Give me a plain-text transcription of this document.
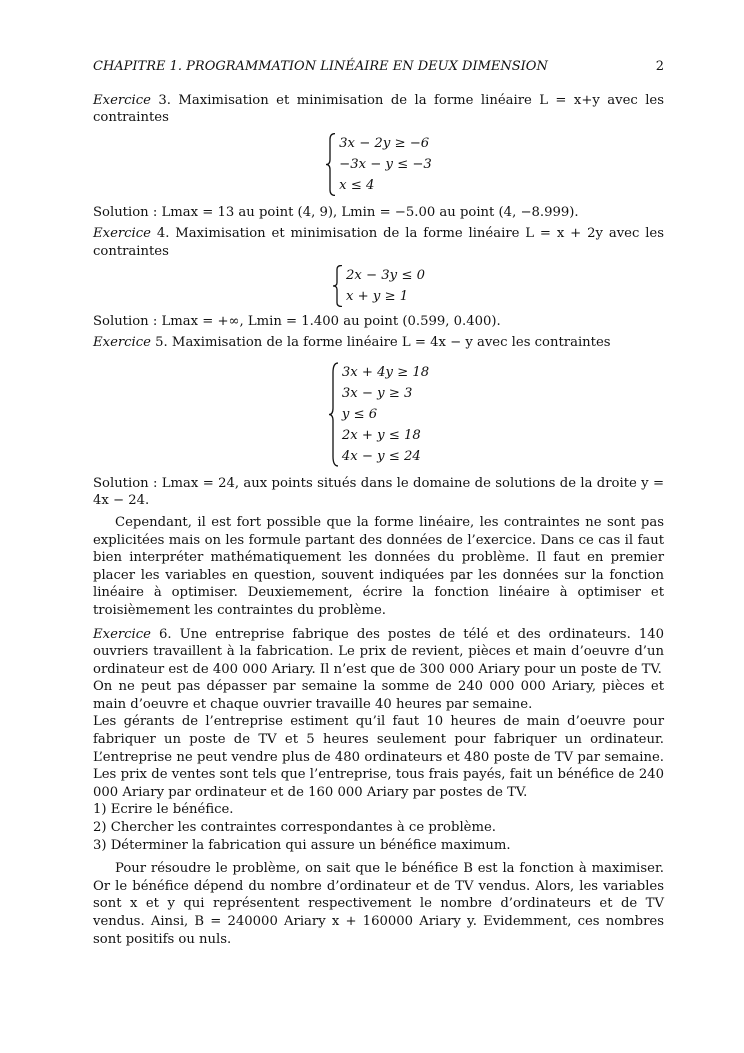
CHAPITRE 1. PROGRAMMATION LINÉAIRE EN DEUX DIMENSION	2

Exercice 3. Maximisation et minimisation de la forme linéaire L = x+y avec les contraintes

3x − 2y ≥ −6
−3x − y ≤ −3
x ≤ 4

Solution : Lmax = 13 au point (4, 9), Lmin = −5.00 au point (4, −8.999).

Exercice 4. Maximisation et minimisation de la forme linéaire L = x + 2y avec les contraintes

2x − 3y ≤ 0
x + y ≥ 1

Solution : Lmax = +∞, Lmin = 1.400 au point (0.599, 0.400).

Exercice 5. Maximisation de la forme linéaire L = 4x − y avec les contraintes

3x + 4y ≥ 18
3x − y ≥ 3
y ≤ 6
2x + y ≤ 18
4x − y ≤ 24

Solution : Lmax = 24, aux points situés dans le domaine de solutions de la droite y = 4x − 24.

Cependant, il est fort possible que la forme linéaire, les contraintes ne sont pas explicitées mais on les formule partant des données de l’exercice. Dans ce cas il faut bien interpréter mathématiquement les données du problème. Il faut en premier placer les variables en question, souvent indiquées par les données sur la fonction linéaire à optimiser. Deuxiemement, écrire la fonction linéaire à optimiser et troisièmement les contraintes du problème.

Exercice 6. Une entreprise fabrique des postes de télé et des ordinateurs. 140 ouvriers travaillent à la fabrication. Le prix de revient, pièces et main d’oeuvre d’un ordinateur est de 400 000 Ariary. Il n’est que de 300 000 Ariary pour un poste de TV.

On ne peut pas dépasser par semaine la somme de 240 000 000 Ariary, pièces et main d’oeuvre et chaque ouvrier travaille 40 heures par semaine.

Les gérants de l’entreprise estiment qu’il faut 10 heures de main d’oeuvre pour fabriquer un poste de TV et 5 heures seulement pour fabriquer un ordinateur. L’entreprise ne peut vendre plus de 480 ordinateurs et 480 poste de TV par semaine. Les prix de ventes sont tels que l’entreprise, tous frais payés, fait un bénéfice de 240 000 Ariary par ordinateur et de 160 000 Ariary par postes de TV.

1) Ecrire le bénéfice.
2) Chercher les contraintes correspondantes à ce problème.
3) Déterminer la fabrication qui assure un bénéfice maximum.

Pour résoudre le problème, on sait que le bénéfice B est la fonction à maximiser. Or le bénéfice dépend du nombre d’ordinateur et de TV vendus. Alors, les variables sont x et y qui représentent respectivement le nombre d’ordinateurs et de TV vendus. Ainsi, B = 240000 Ariary x + 160000 Ariary y. Evidemment, ces nombres sont positifs ou nuls.
